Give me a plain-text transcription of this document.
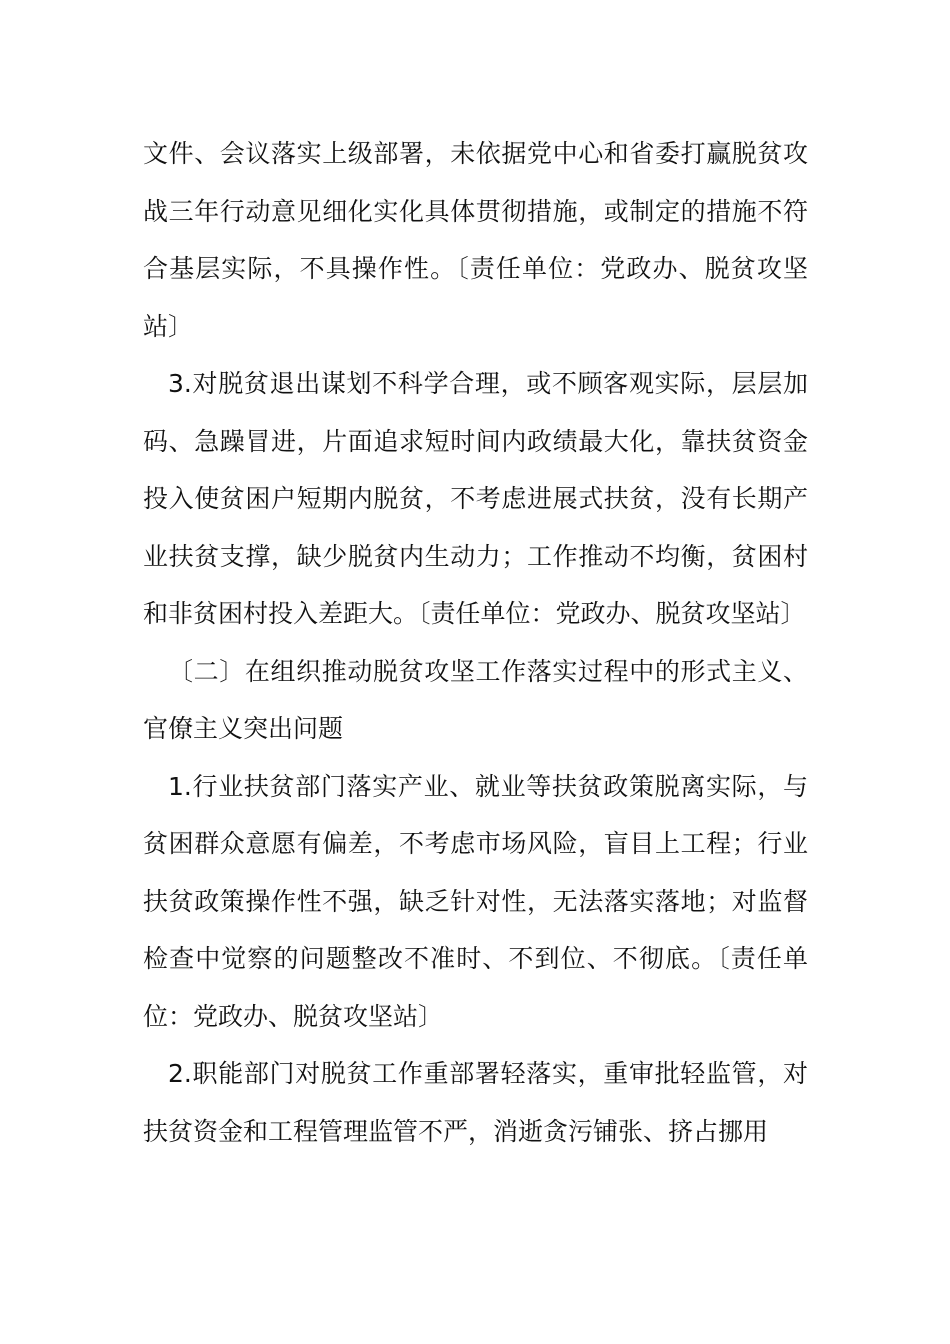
文件、会议落实上级部署，未依据党中心和省委打赢脱贫攻战三年行动意见细化实化具体贯彻措施，或制定的措施不符合基层实际，不具操作性。〔责任单位：党政办、脱贫攻坚站〕

3.对脱贫退出谋划不科学合理，或不顾客观实际，层层加码、急躁冒进，片面追求短时间内政绩最大化，靠扶贫资金投入使贫困户短期内脱贫，不考虑进展式扶贫，没有长期产业扶贫支撑，缺少脱贫内生动力；工作推动不均衡，贫困村和非贫困村投入差距大。〔责任单位：党政办、脱贫攻坚站〕

〔二〕在组织推动脱贫攻坚工作落实过程中的形式主义、官僚主义突出问题

1.行业扶贫部门落实产业、就业等扶贫政策脱离实际，与贫困群众意愿有偏差，不考虑市场风险，盲目上工程；行业扶贫政策操作性不强，缺乏针对性，无法落实落地；对监督检查中觉察的问题整改不准时、不到位、不彻底。〔责任单位：党政办、脱贫攻坚站〕

2.职能部门对脱贫工作重部署轻落实，重审批轻监管，对扶贫资金和工程管理监管不严，消逝贪污铺张、挤占挪用
